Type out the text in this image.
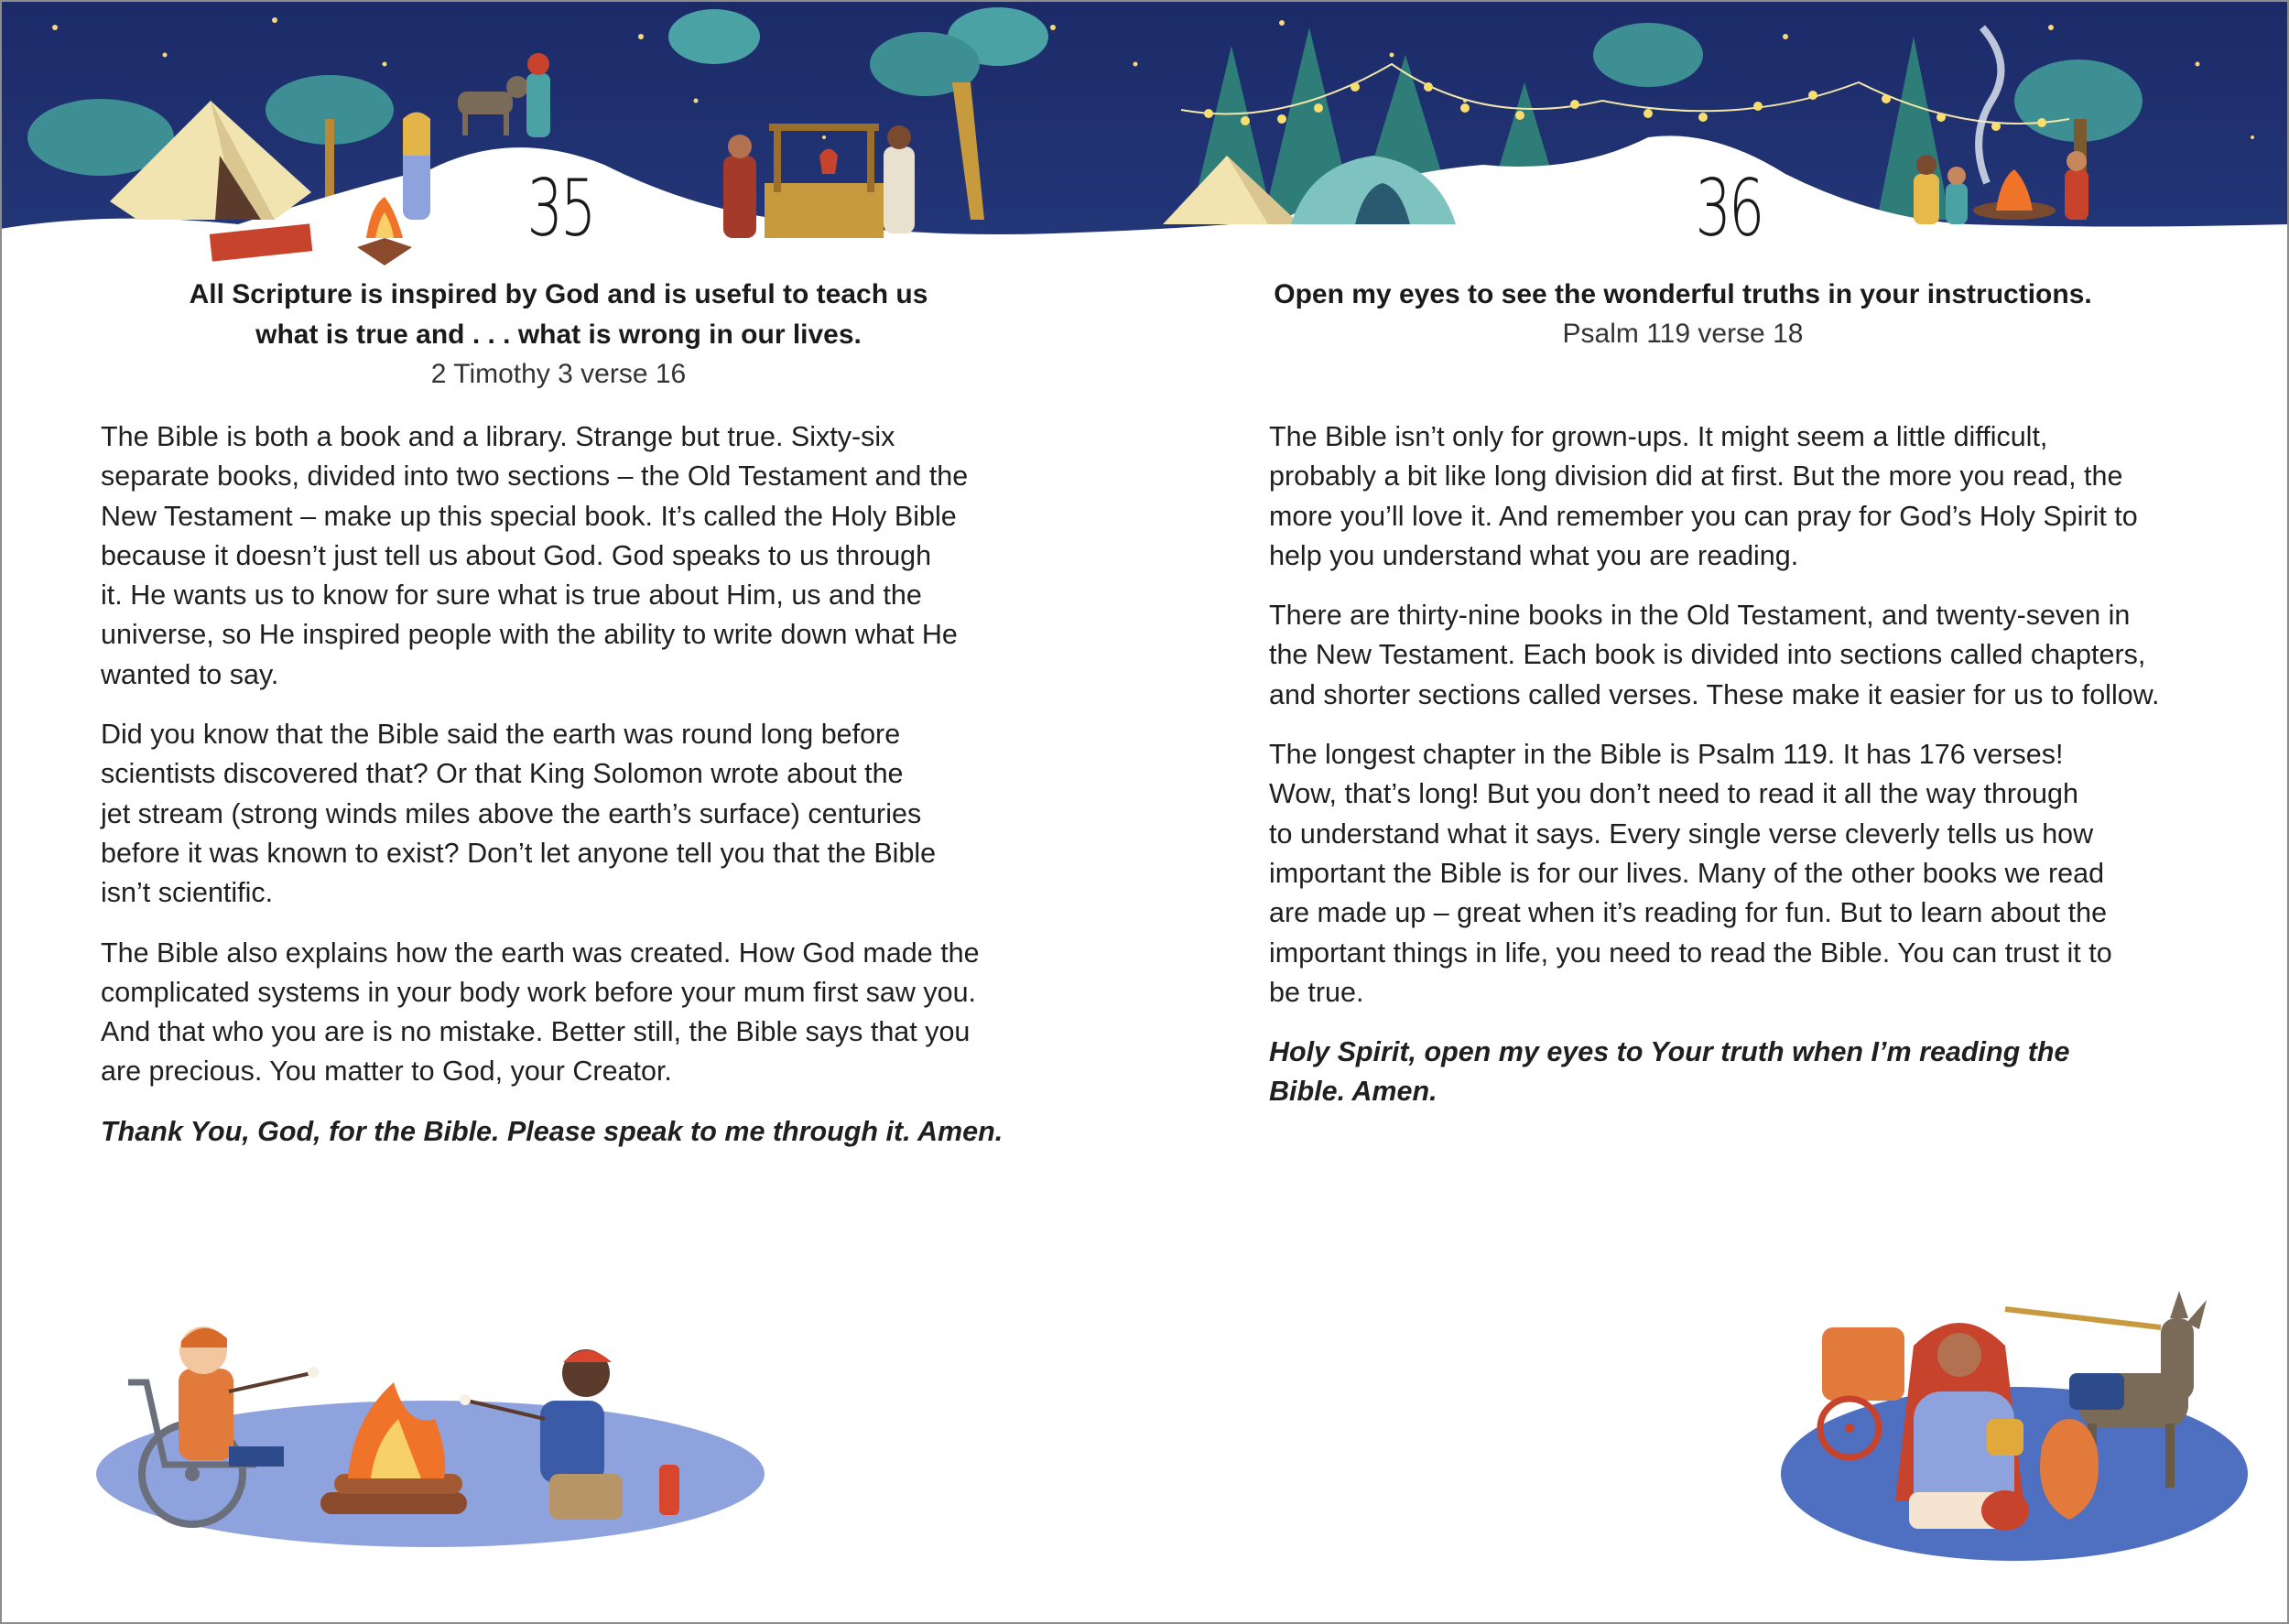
35	36
All Scripture is inspired by God and is useful to teach us
what is true and . . . what is wrong in our lives.
2 Timothy 3 verse 16

The Bible is both a book and a library. Strange but true. Sixty-six
separate books, divided into two sections – the Old Testament and the
New Testament – make up this special book. It’s called the Holy Bible
because it doesn’t just tell us about God. God speaks to us through
it. He wants us to know for sure what is true about Him, us and the
universe, so He inspired people with the ability to write down what He
wanted to say.

Did you know that the Bible said the earth was round long before
scientists discovered that? Or that King Solomon wrote about the
jet stream (strong winds miles above the earth’s surface) centuries
before it was known to exist? Don’t let anyone tell you that the Bible
isn’t scientific.

The Bible also explains how the earth was created. How God made the
complicated systems in your body work before your mum first saw you.
And that who you are is no mistake. Better still, the Bible says that you
are precious. You matter to God, your Creator.

Thank You, God, for the Bible. Please speak to me through it. Amen.

Open my eyes to see the wonderful truths in your instructions.
Psalm 119 verse 18

The Bible isn’t only for grown-ups. It might seem a little difficult,
probably a bit like long division did at first. But the more you read, the
more you’ll love it. And remember you can pray for God’s Holy Spirit to
help you understand what you are reading.

There are thirty-nine books in the Old Testament, and twenty-seven in
the New Testament. Each book is divided into sections called chapters,
and shorter sections called verses. These make it easier for us to follow.

The longest chapter in the Bible is Psalm 119. It has 176 verses!
Wow, that’s long! But you don’t need to read it all the way through
to understand what it says. Every single verse cleverly tells us how
important the Bible is for our lives. Many of the other books we read
are made up – great when it’s reading for fun. But to learn about the
important things in life, you need to read the Bible. You can trust it to
be true.

Holy Spirit, open my eyes to Your truth when I’m reading the
Bible. Amen.
